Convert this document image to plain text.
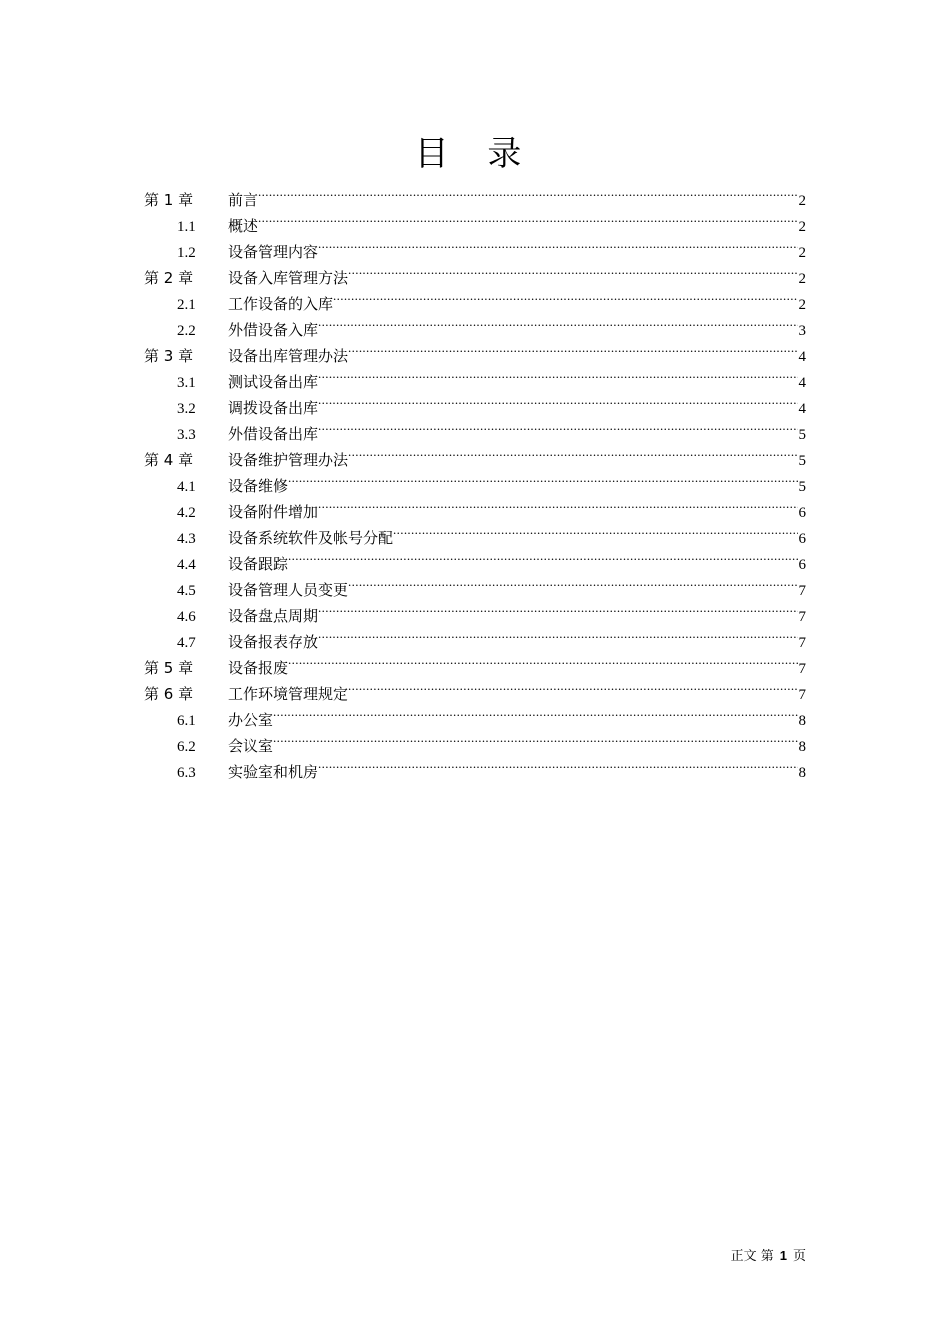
目 录
第 1 章	前言 .....	2
1.1	概述 .....	2
1.2	设备管理内容 .....	2
第 2 章	设备入库管理方法 .....	2
2.1	工作设备的入库 .....	2
2.2	外借设备入库 .....	3
第 3 章	设备出库管理办法 .....	4
3.1	测试设备出库 .....	4
3.2	调拨设备出库 .....	4
3.3	外借设备出库 .....	5
第 4 章	设备维护管理办法 .....	5
4.1	设备维修 .....	5
4.2	设备附件增加 .....	6
4.3	设备系统软件及帐号分配 .....	6
4.4	设备跟踪 .....	6
4.5	设备管理人员变更 .....	7
4.6	设备盘点周期 .....	7
4.7	设备报表存放 .....	7
第 5 章	设备报废 .....	7
第 6 章	工作环境管理规定 .....	7
6.1	办公室 .....	8
6.2	会议室 .....	8
6.3	实验室和机房 .....	8
正文 第 1 页
